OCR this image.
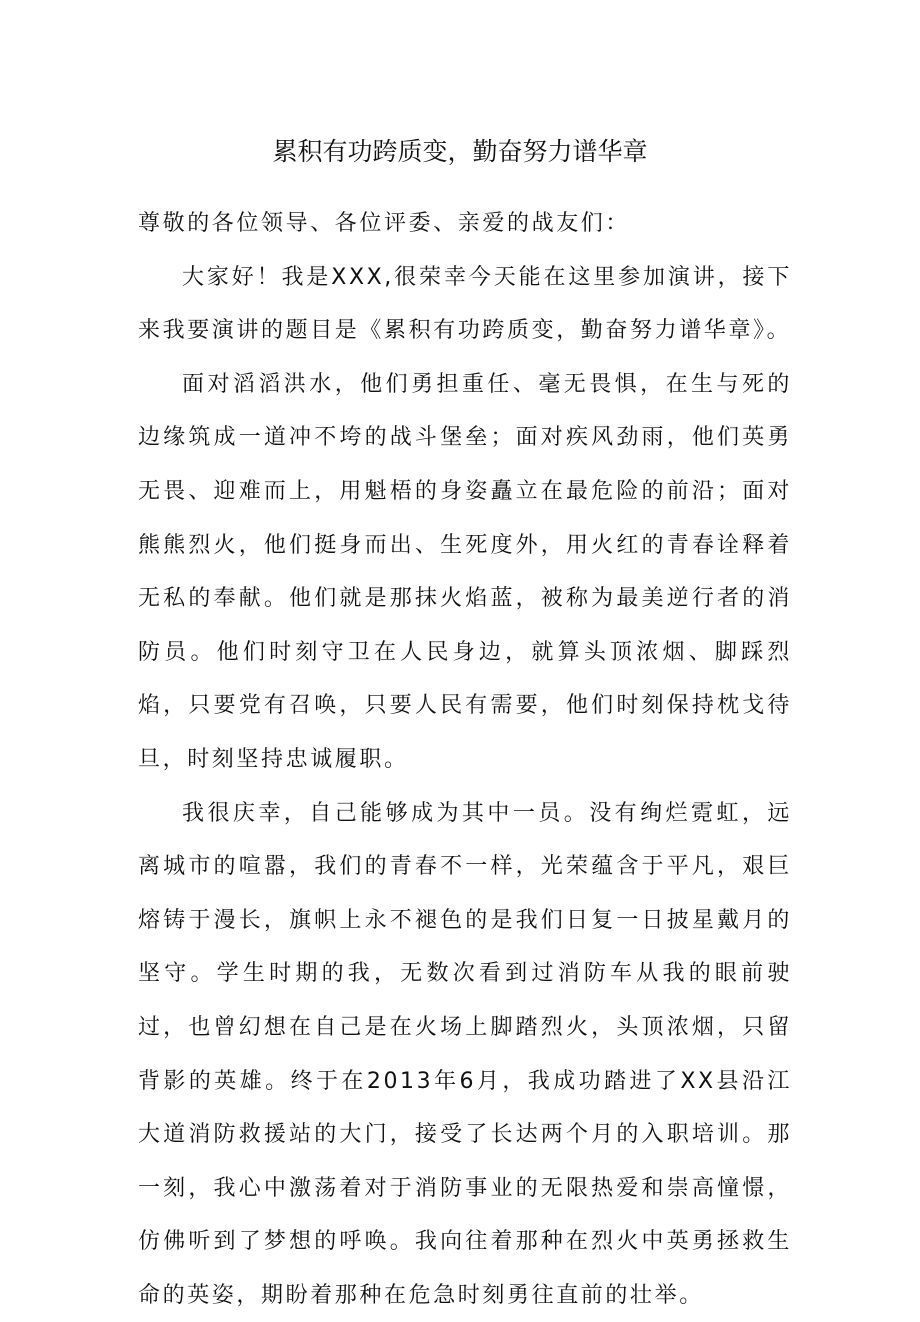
累积有功跨质变，勤奋努力谱华章

尊敬的各位领导、各位评委、亲爱的战友们：

大家好！我是XXX,很荣幸今天能在这里参加演讲，接下来我要演讲的题目是《累积有功跨质变，勤奋努力谱华章》。

面对滔滔洪水，他们勇担重任、毫无畏惧，在生与死的边缘筑成一道冲不垮的战斗堡垒；面对疾风劲雨，他们英勇无畏、迎难而上，用魁梧的身姿矗立在最危险的前沿；面对熊熊烈火，他们挺身而出、生死度外，用火红的青春诠释着无私的奉献。他们就是那抹火焰蓝，被称为最美逆行者的消防员。他们时刻守卫在人民身边，就算头顶浓烟、脚踩烈焰，只要党有召唤，只要人民有需要，他们时刻保持枕戈待旦，时刻坚持忠诚履职。

我很庆幸，自己能够成为其中一员。没有绚烂霓虹，远离城市的喧嚣，我们的青春不一样，光荣蕴含于平凡，艰巨熔铸于漫长，旗帜上永不褪色的是我们日复一日披星戴月的坚守。学生时期的我，无数次看到过消防车从我的眼前驶过，也曾幻想在自己是在火场上脚踏烈火，头顶浓烟，只留背影的英雄。终于在2013年6月，我成功踏进了XX县沿江大道消防救援站的大门，接受了长达两个月的入职培训。那一刻，我心中激荡着对于消防事业的无限热爱和崇高憧憬，仿佛听到了梦想的呼唤。我向往着那种在烈火中英勇拯救生命的英姿，期盼着那种在危急时刻勇往直前的壮举。
